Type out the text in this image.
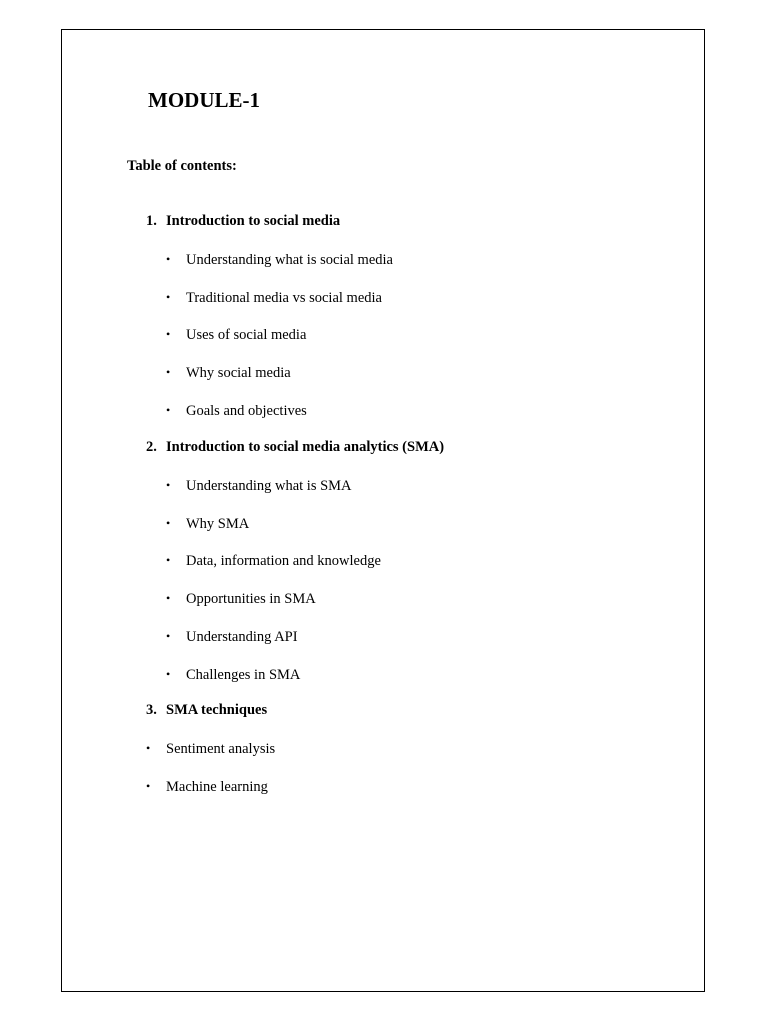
MODULE-1

Table of contents:

1. Introduction to social media
• Understanding what is social media
• Traditional media vs social media
• Uses of social media
• Why social media
• Goals and objectives
2. Introduction to social media analytics (SMA)
• Understanding what is SMA
• Why SMA
• Data, information and knowledge
• Opportunities in SMA
• Understanding API
• Challenges in SMA
3. SMA techniques
• Sentiment analysis
• Machine learning
